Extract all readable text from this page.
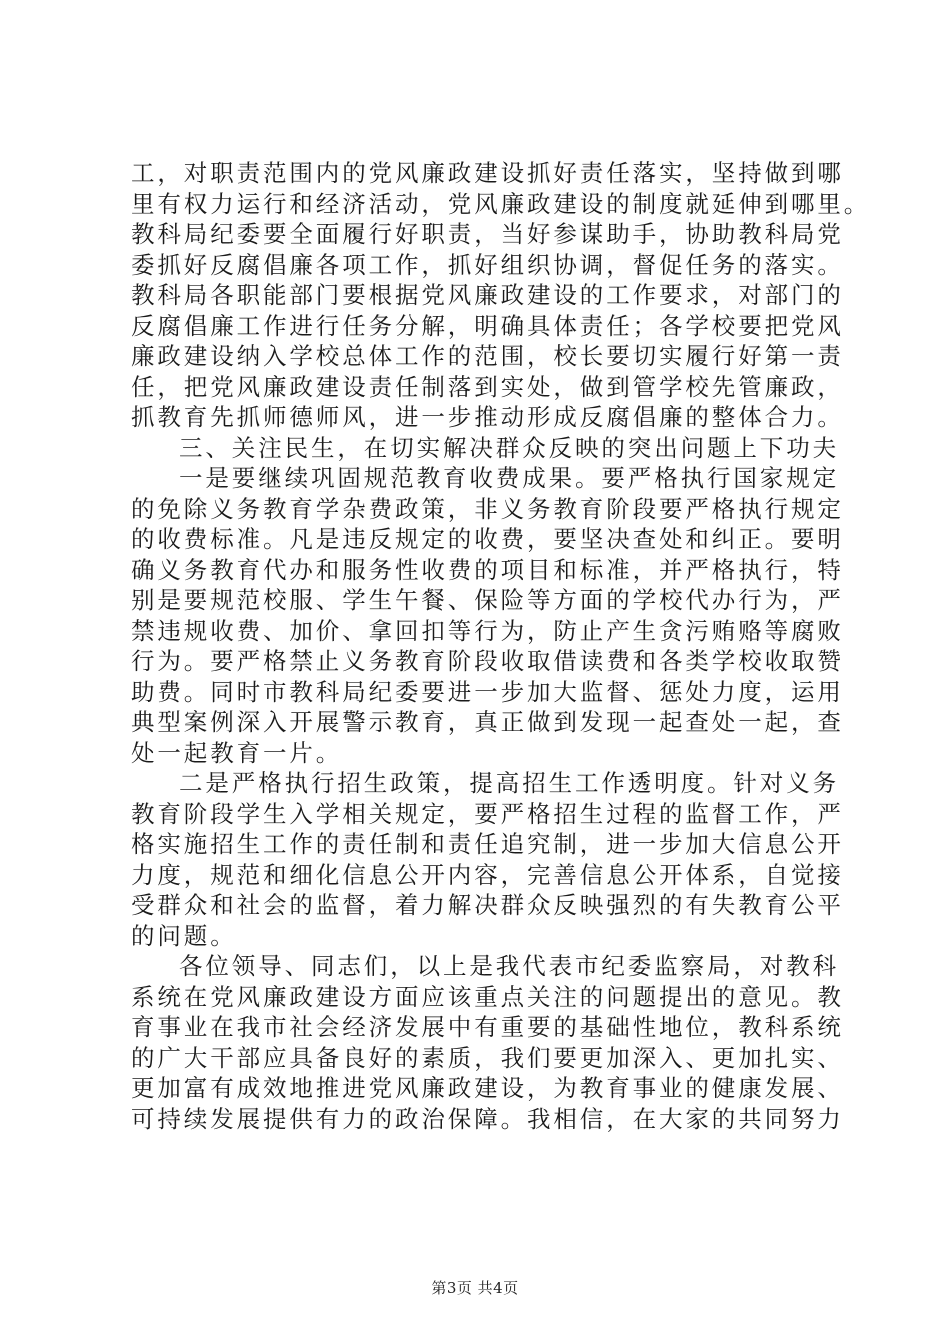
工，对职责范围内的党风廉政建设抓好责任落实，坚持做到哪
里有权力运行和经济活动，党风廉政建设的制度就延伸到哪里。
教科局纪委要全面履行好职责，当好参谋助手，协助教科局党
委抓好反腐倡廉各项工作，抓好组织协调，督促任务的落实。
教科局各职能部门要根据党风廉政建设的工作要求，对部门的
反腐倡廉工作进行任务分解，明确具体责任；各学校要把党风
廉政建设纳入学校总体工作的范围，校长要切实履行好第一责
任，把党风廉政建设责任制落到实处，做到管学校先管廉政，
抓教育先抓师德师风，进一步推动形成反腐倡廉的整体合力。
三、关注民生，在切实解决群众反映的突出问题上下功夫
一是要继续巩固规范教育收费成果。要严格执行国家规定
的免除义务教育学杂费政策，非义务教育阶段要严格执行规定
的收费标准。凡是违反规定的收费，要坚决查处和纠正。要明
确义务教育代办和服务性收费的项目和标准，并严格执行，特
别是要规范校服、学生午餐、保险等方面的学校代办行为，严
禁违规收费、加价、拿回扣等行为，防止产生贪污贿赂等腐败
行为。要严格禁止义务教育阶段收取借读费和各类学校收取赞
助费。同时市教科局纪委要进一步加大监督、惩处力度，运用
典型案例深入开展警示教育，真正做到发现一起查处一起，查
处一起教育一片。
二是严格执行招生政策，提高招生工作透明度。针对义务
教育阶段学生入学相关规定，要严格招生过程的监督工作，严
格实施招生工作的责任制和责任追究制，进一步加大信息公开
力度，规范和细化信息公开内容，完善信息公开体系，自觉接
受群众和社会的监督，着力解决群众反映强烈的有失教育公平
的问题。
各位领导、同志们，以上是我代表市纪委监察局，对教科
系统在党风廉政建设方面应该重点关注的问题提出的意见。教
育事业在我市社会经济发展中有重要的基础性地位，教科系统
的广大干部应具备良好的素质，我们要更加深入、更加扎实、
更加富有成效地推进党风廉政建设，为教育事业的健康发展、
可持续发展提供有力的政治保障。我相信，在大家的共同努力
第3页 共4页
